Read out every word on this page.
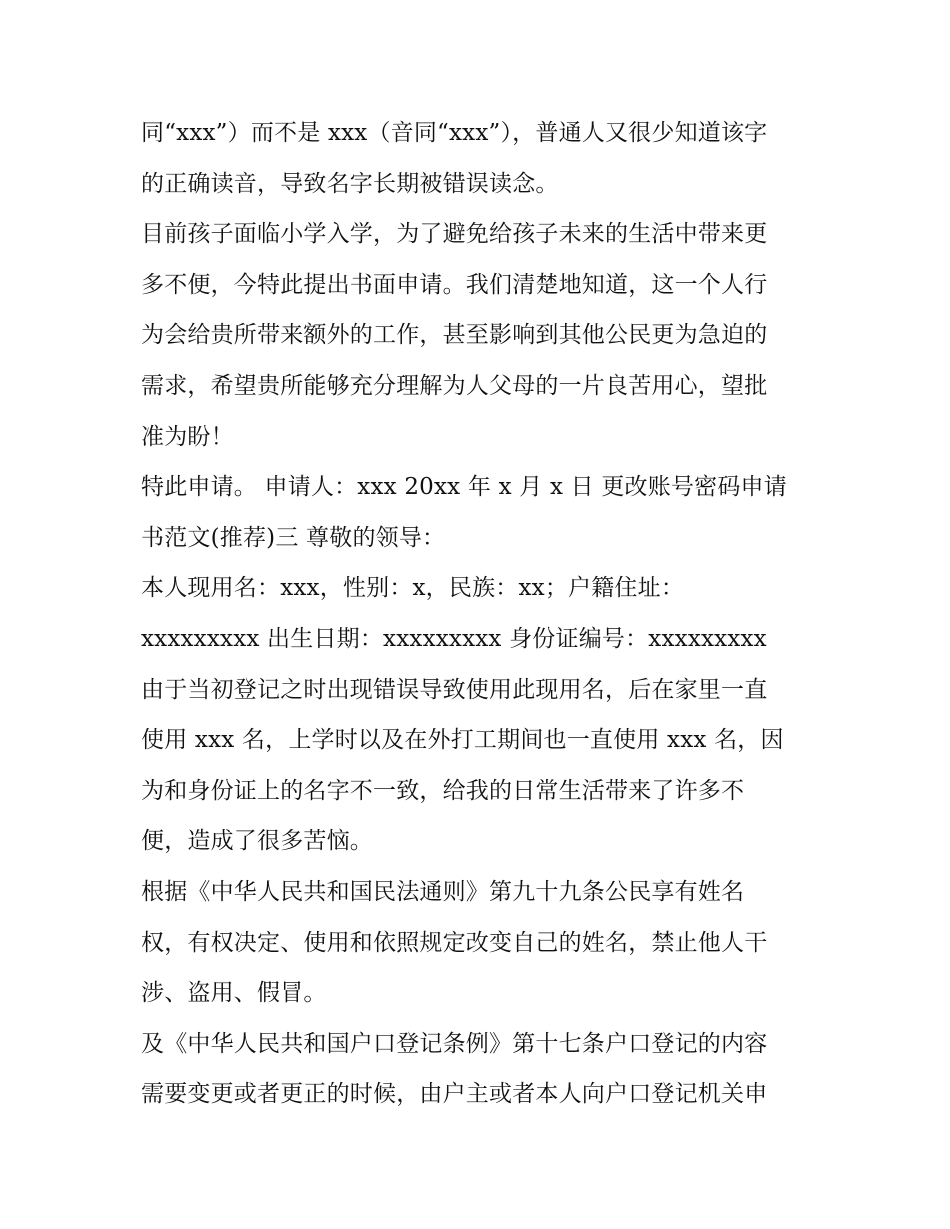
同“xxx”）而不是 xxx（音同“xxx”），普通人又很少知道该字
的正确读音，导致名字长期被错误读念。
目前孩子面临小学入学，为了避免给孩子未来的生活中带来更
多不便，今特此提出书面申请。我们清楚地知道，这一个人行
为会给贵所带来额外的工作，甚至影响到其他公民更为急迫的
需求，希望贵所能够充分理解为人父母的一片良苦用心，望批
准为盼！
特此申请。 申请人：xxx 20xx 年 x 月 x 日 更改账号密码申请
书范文(推荐)三 尊敬的领导：
本人现用名：xxx，性别：x，民族：xx；户籍住址：
xxxxxxxxx 出生日期：xxxxxxxxx 身份证编号：xxxxxxxxx
由于当初登记之时出现错误导致使用此现用名，后在家里一直
使用 xxx 名，上学时以及在外打工期间也一直使用 xxx 名，因
为和身份证上的名字不一致，给我的日常生活带来了许多不
便，造成了很多苦恼。
根据《中华人民共和国民法通则》第九十九条公民享有姓名
权，有权决定、使用和依照规定改变自己的姓名，禁止他人干
涉、盗用、假冒。
及《中华人民共和国户口登记条例》第十七条户口登记的内容
需要变更或者更正的时候，由户主或者本人向户口登记机关申
